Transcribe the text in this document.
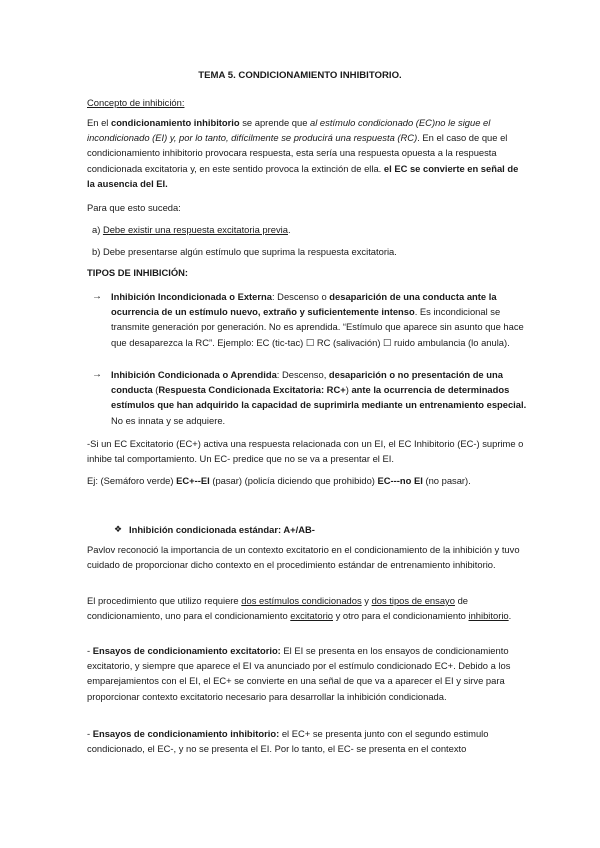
TEMA 5. CONDICIONAMIENTO INHIBITORIO.
Concepto de inhibición:
En el condicionamiento inhibitorio se aprende que al estímulo condicionado (EC)no le sigue el incondicionado (EI) y, por lo tanto, difícilmente se producirá una respuesta (RC). En el caso de que el condicionamiento inhibitorio provocara respuesta, esta sería una respuesta opuesta a la respuesta condicionada excitatoria y, en este sentido provoca la extinción de ella. el EC se convierte en señal de la ausencia del EI.
Para que esto suceda:
a) Debe existir una respuesta excitatoria previa.
b) Debe presentarse algún estímulo que suprima la respuesta excitatoria.
TIPOS DE INHIBICIÓN:
→ Inhibición Incondicionada o Externa: Descenso o desaparición de una conducta ante la ocurrencia de un estímulo nuevo, extraño y suficientemente intenso. Es incondicional se transmite generación por generación. No es aprendida. “Estímulo que aparece sin asunto que hace que desaparezca la RC”. Ejemplo: EC (tic-tac) ☐ RC (salivación) ☐ ruido ambulancia (lo anula).
→ Inhibición Condicionada o Aprendida: Descenso, desaparición o no presentación de una conducta (Respuesta Condicionada Excitatoria: RC+) ante la ocurrencia de determinados estímulos que han adquirido la capacidad de suprimirla mediante un entrenamiento especial. No es innata y se adquiere.
-Si un EC Excitatorio (EC+) activa una respuesta relacionada con un EI, el EC Inhibitorio (EC-) suprime o inhibe tal comportamiento. Un EC- predice que no se va a presentar el EI.
Ej: (Semáforo verde) EC+--EI (pasar) (policía diciendo que prohibido) EC---no EI (no pasar).
❖ Inhibición condicionada estándar: A+/AB-
Pavlov reconoció la importancia de un contexto excitatorio en el condicionamiento de la inhibición y tuvo cuidado de proporcionar dicho contexto en el procedimiento estándar de entrenamiento inhibitorio.
El procedimiento que utilizo requiere dos estímulos condicionados y dos tipos de ensayo de condicionamiento, uno para el condicionamiento excitatorio y otro para el condicionamiento inhibitorio.
- Ensayos de condicionamiento excitatorio: El EI se presenta en los ensayos de condicionamiento excitatorio, y siempre que aparece el EI va anunciado por el estímulo condicionado EC+. Debido a los emparejamientos con el EI, el EC+ se convierte en una señal de que va a aparecer el EI y sirve para proporcionar contexto excitatorio necesario para desarrollar la inhibición condicionada.
- Ensayos de condicionamiento inhibitorio: el EC+ se presenta junto con el segundo estimulo condicionado, el EC-, y no se presenta el EI. Por lo tanto, el EC- se presenta en el contexto
